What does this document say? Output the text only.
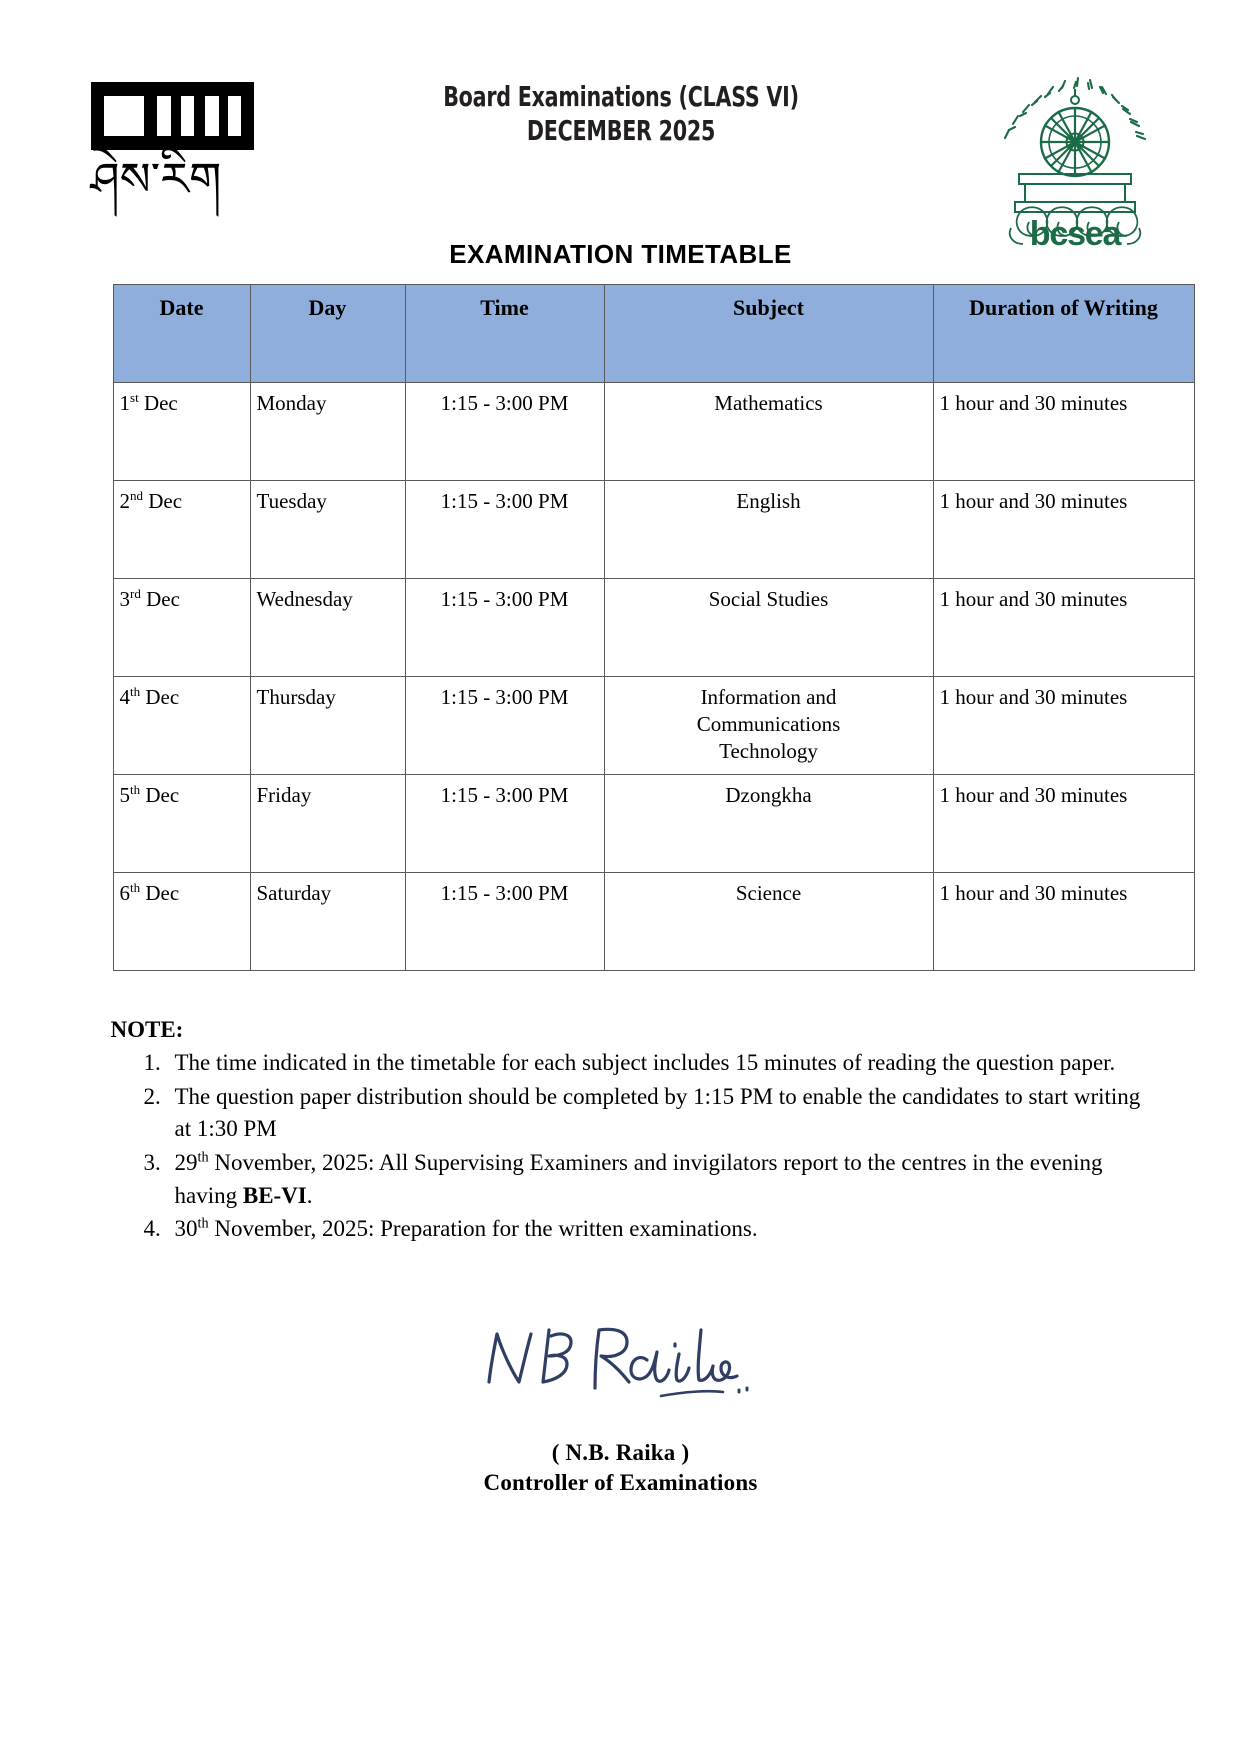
ཤེས་རིག
Board Examinations (CLASS VI)
DECEMBER 2025
bcsea
EXAMINATION TIMETABLE
Date	Day	Time	Subject	Duration of Writing
1st Dec	Monday	1:15 - 3:00 PM	Mathematics	1 hour and 30 minutes
2nd Dec	Tuesday	1:15 - 3:00 PM	English	1 hour and 30 minutes
3rd Dec	Wednesday	1:15 - 3:00 PM	Social Studies	1 hour and 30 minutes
4th Dec	Thursday	1:15 - 3:00 PM	Information and Communications Technology	1 hour and 30 minutes
5th Dec	Friday	1:15 - 3:00 PM	Dzongkha	1 hour and 30 minutes
6th Dec	Saturday	1:15 - 3:00 PM	Science	1 hour and 30 minutes
NOTE:
1. The time indicated in the timetable for each subject includes 15 minutes of reading the question paper.
2. The question paper distribution should be completed by 1:15 PM to enable the candidates to start writing at 1:30 PM
3. 29th November, 2025: All Supervising Examiners and invigilators report to the centres in the evening having BE-VI.
4. 30th November, 2025: Preparation for the written examinations.
( N.B. Raika )
Controller of Examinations
